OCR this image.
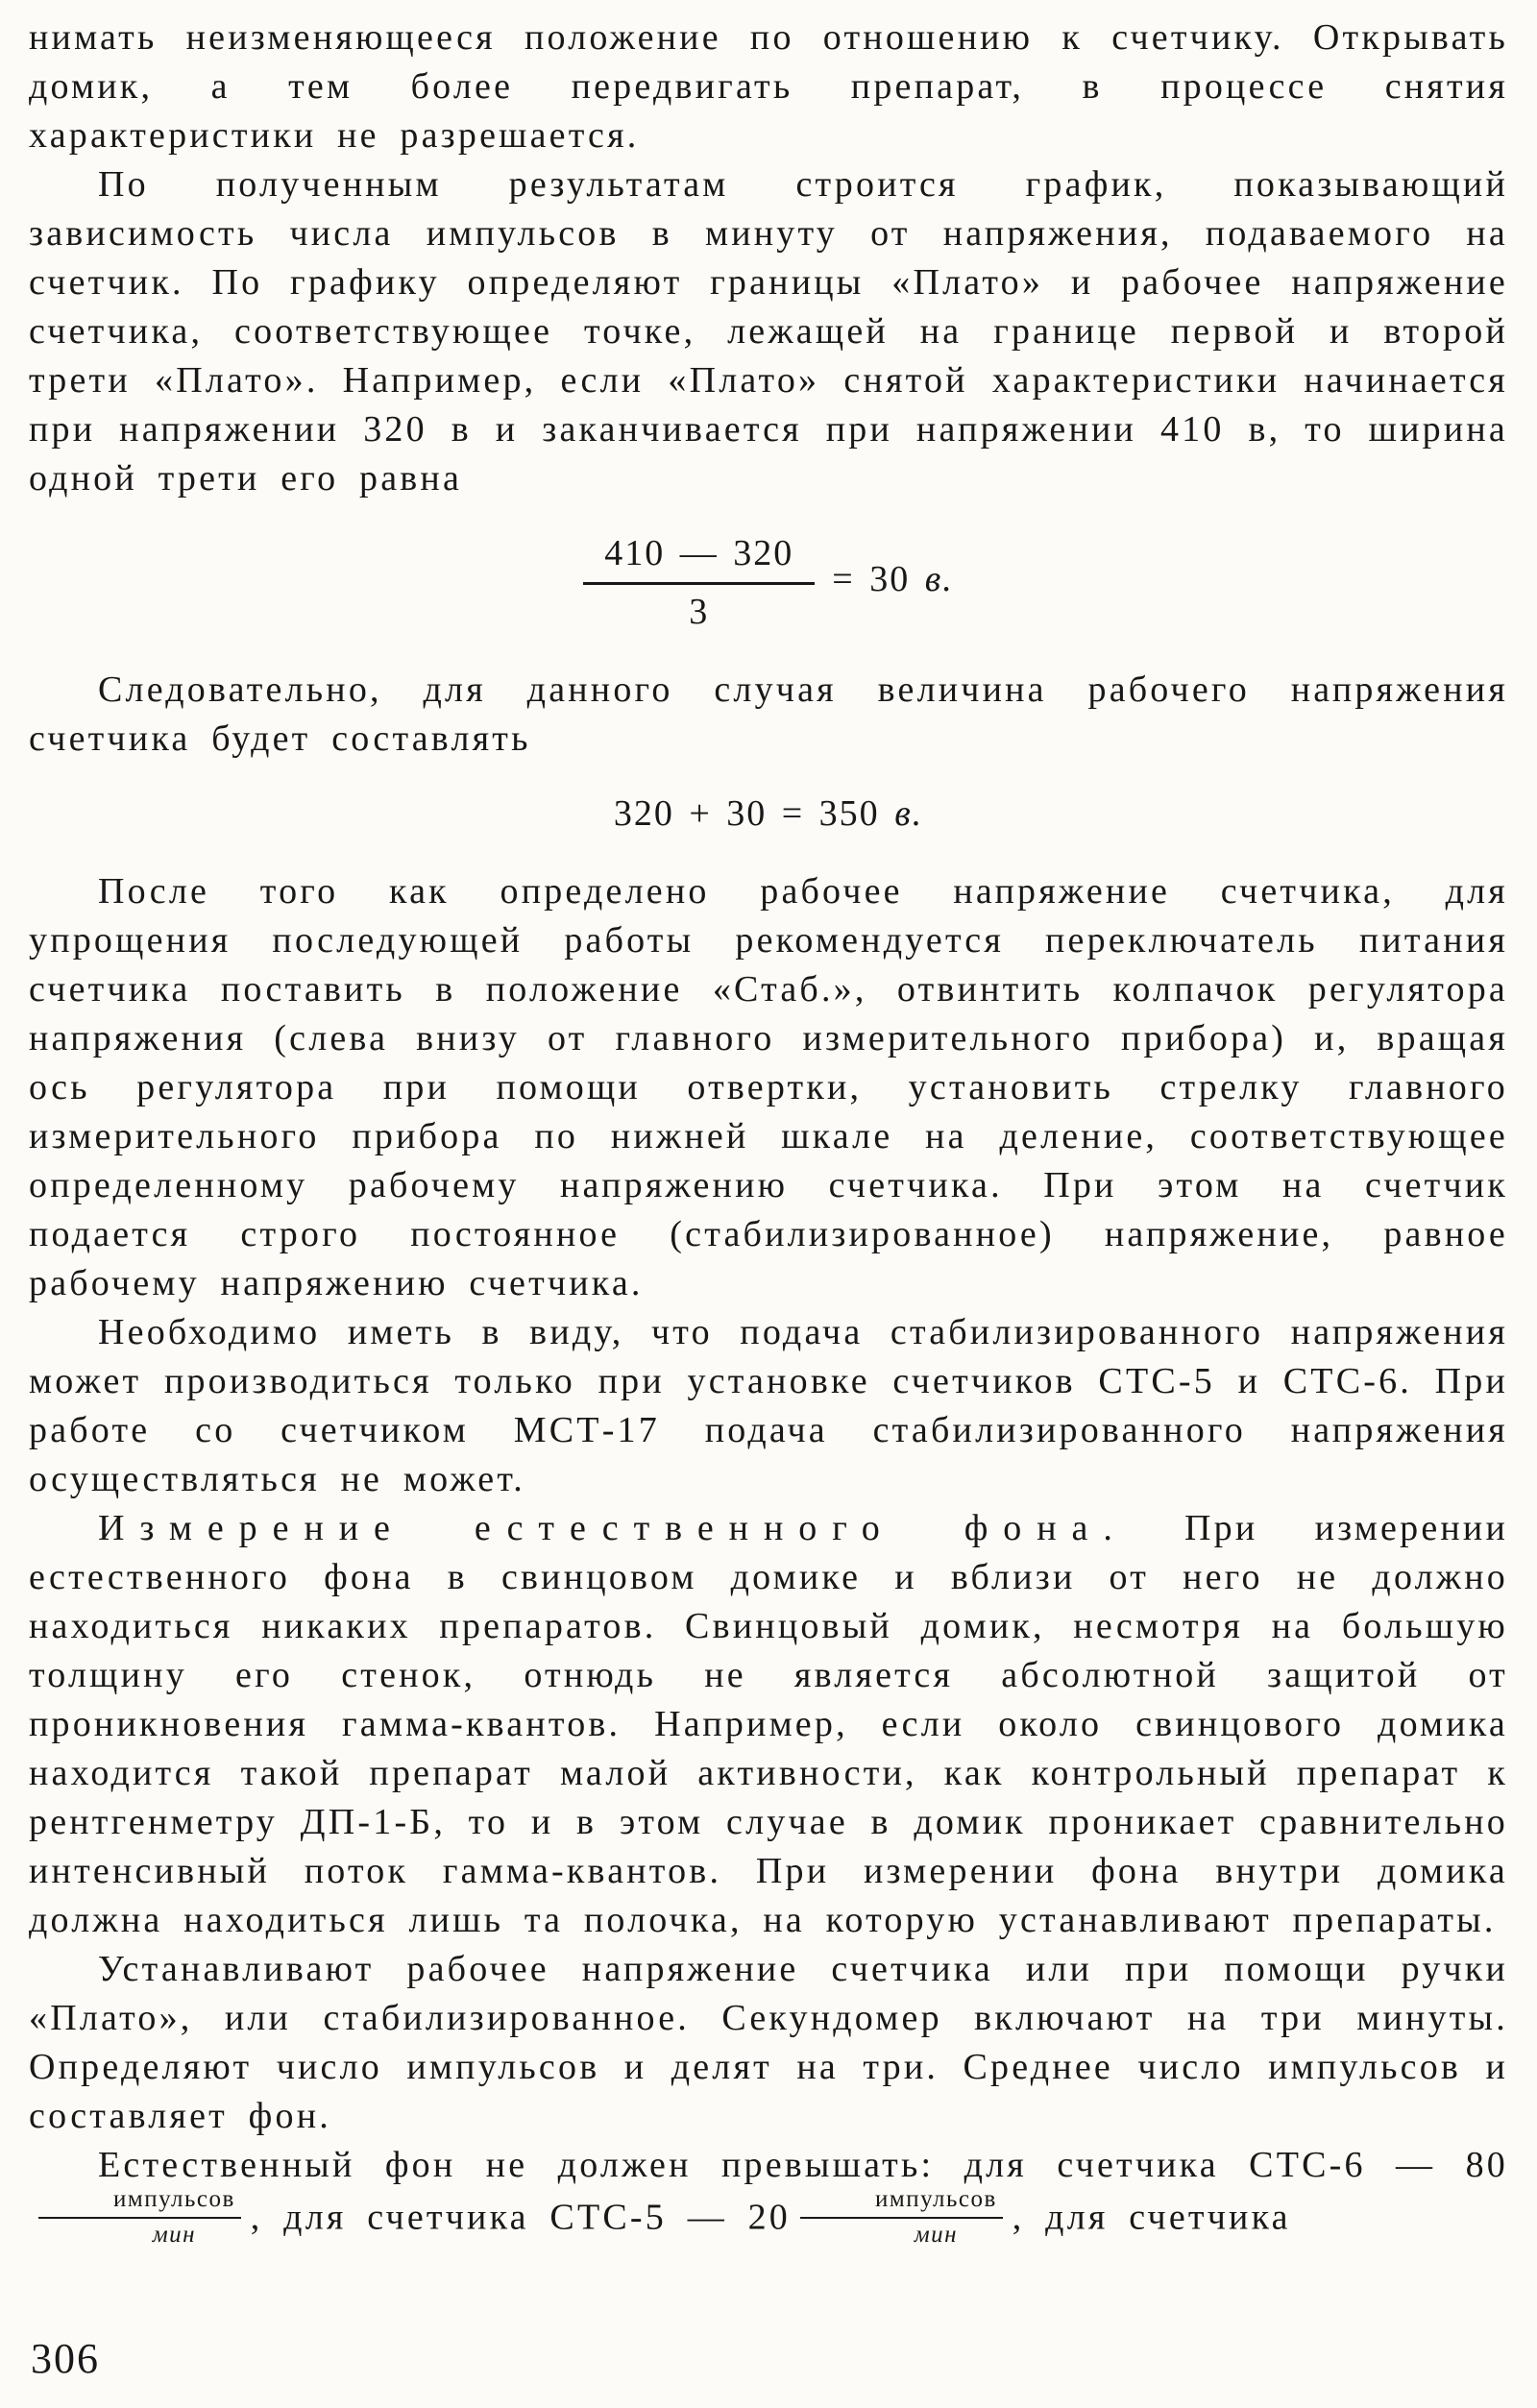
нимать неизменяющееся положение по отношению к счетчику. Открывать домик, а тем более передвигать препарат, в процессе снятия характеристики не разрешается.

По полученным результатам строится график, показывающий зависимость числа импульсов в минуту от напряжения, подаваемого на счетчик. По графику определяют границы «Плато» и рабочее напряжение счетчика, соответствующее точке, лежащей на границе первой и второй трети «Плато». Например, если «Плато» снятой характеристики начинается при напряжении 320 в и заканчивается при напряжении 410 в, то ширина одной трети его равна

$\frac{410 — 320}{3} = 30$ в.

Следовательно, для данного случая величина рабочего напряжения счетчика будет составлять

320 + 30 = 350 в.

После того как определено рабочее напряжение счетчика, для упрощения последующей работы рекомендуется переключатель питания счетчика поставить в положение «Стаб.», отвинтить колпачок регулятора напряжения (слева внизу от главного измерительного прибора) и, вращая ось регулятора при помощи отвертки, установить стрелку главного измерительного прибора по нижней шкале на деление, соответствующее определенному рабочему напряжению счетчика. При этом на счетчик подается строго постоянное (стабилизированное) напряжение, равное рабочему напряжению счетчика.

Необходимо иметь в виду, что подача стабилизированного напряжения может производиться только при установке счетчиков СТС-5 и СТС-6. При работе со счетчиком МСТ-17 подача стабилизированного напряжения осуществляться не может.

Измерение естественного фона. При измерении естественного фона в свинцовом домике и вблизи от него не должно находиться никаких препаратов. Свинцовый домик, несмотря на большую толщину его стенок, отнюдь не является абсолютной защитой от проникновения гамма-квантов. Например, если около свинцового домика находится такой препарат малой активности, как контрольный препарат к рентгенметру ДП-1-Б, то и в этом случае в домик проникает сравнительно интенсивный поток гамма-квантов. При измерении фона внутри домика должна находиться лишь та полочка, на которую устанавливают препараты.

Устанавливают рабочее напряжение счетчика или при помощи ручки «Плато», или стабилизированное. Секундомер включают на три минуты. Определяют число импульсов и делят на три. Среднее число импульсов и составляет фон.

Естественный фон не должен превышать: для счетчика СТС-6 — 80
$\frac{\text{импульсов}}{\text{мин}}$ , для счетчика СТС-5 — $20 \frac{\text{импульсов}}{\text{мин}}$ , для счетчика

306
